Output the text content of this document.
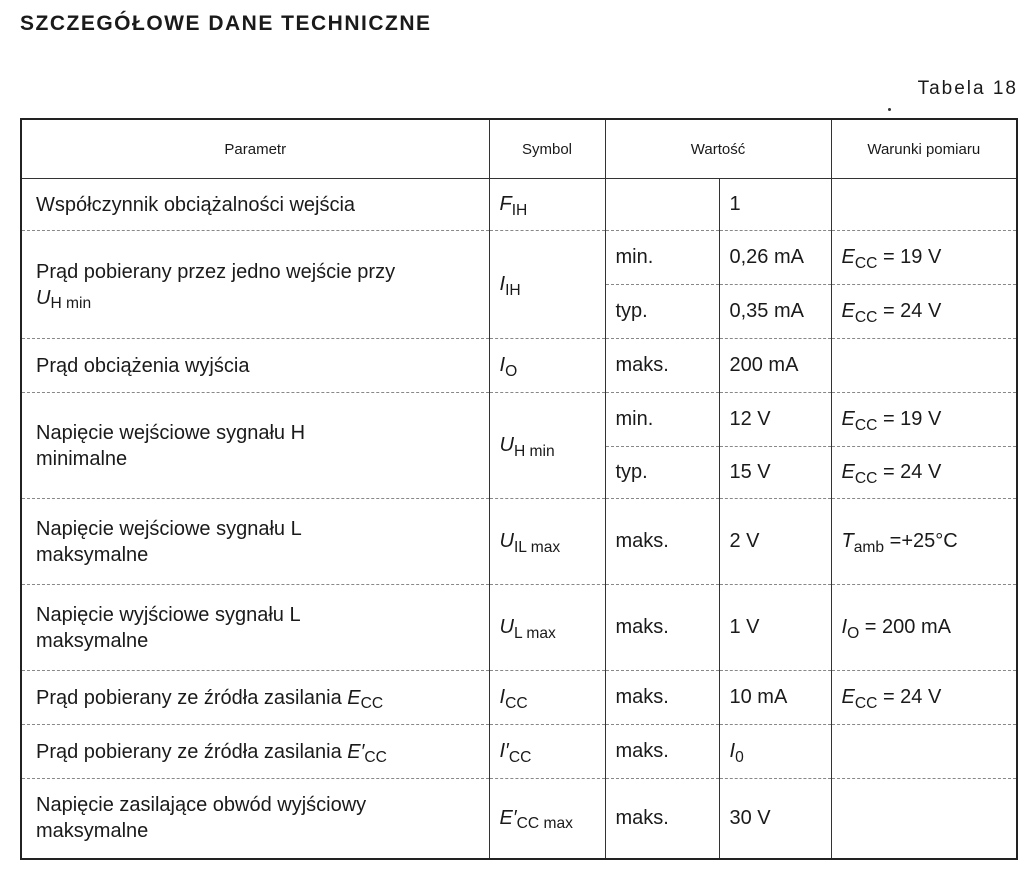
SZCZEGÓŁOWE DANE TECHNICZNE
Tabela 18
Parametr	Symbol	Wartość		Warunki pomiaru
Współczynnik obciążalności wejścia	$F_{IH}$		1	
Prąd pobierany przez jedno wejście przy
$U_{H min}$	$I_{IH}$	min.	0,26 mA	$E_{CC} = 19$ V
		typ.	0,35 mA	$E_{CC} = 24$ V
Prąd obciążenia wyjścia	$I_O$	maks.	200 mA	
Napięcie wejściowe sygnału H
minimalne	$U_{H min}$	min.	12 V	$E_{CC} = 19$ V
		typ.	15 V	$E_{CC} = 24$ V
Napięcie wejściowe sygnału L
maksymalne	$U_{IL max}$	maks.	2 V	$T_{amb} =+25^\circ C$
Napięcie wyjściowe sygnału L
maksymalne	$U_{L max}$	maks.	1 V	$I_O = 200$ mA
Prąd pobierany ze źródła zasilania $E_{CC}$	$I_{CC}$	maks.	10 mA	$E_{CC} = 24$ V
Prąd pobierany ze źródła zasilania $E'_{CC}$	$I'_{CC}$	maks.	$I_0$	
Napięcie zasilające obwód wyjściowy
maksymalne	$E'_{CC max}$	maks.	30 V	
